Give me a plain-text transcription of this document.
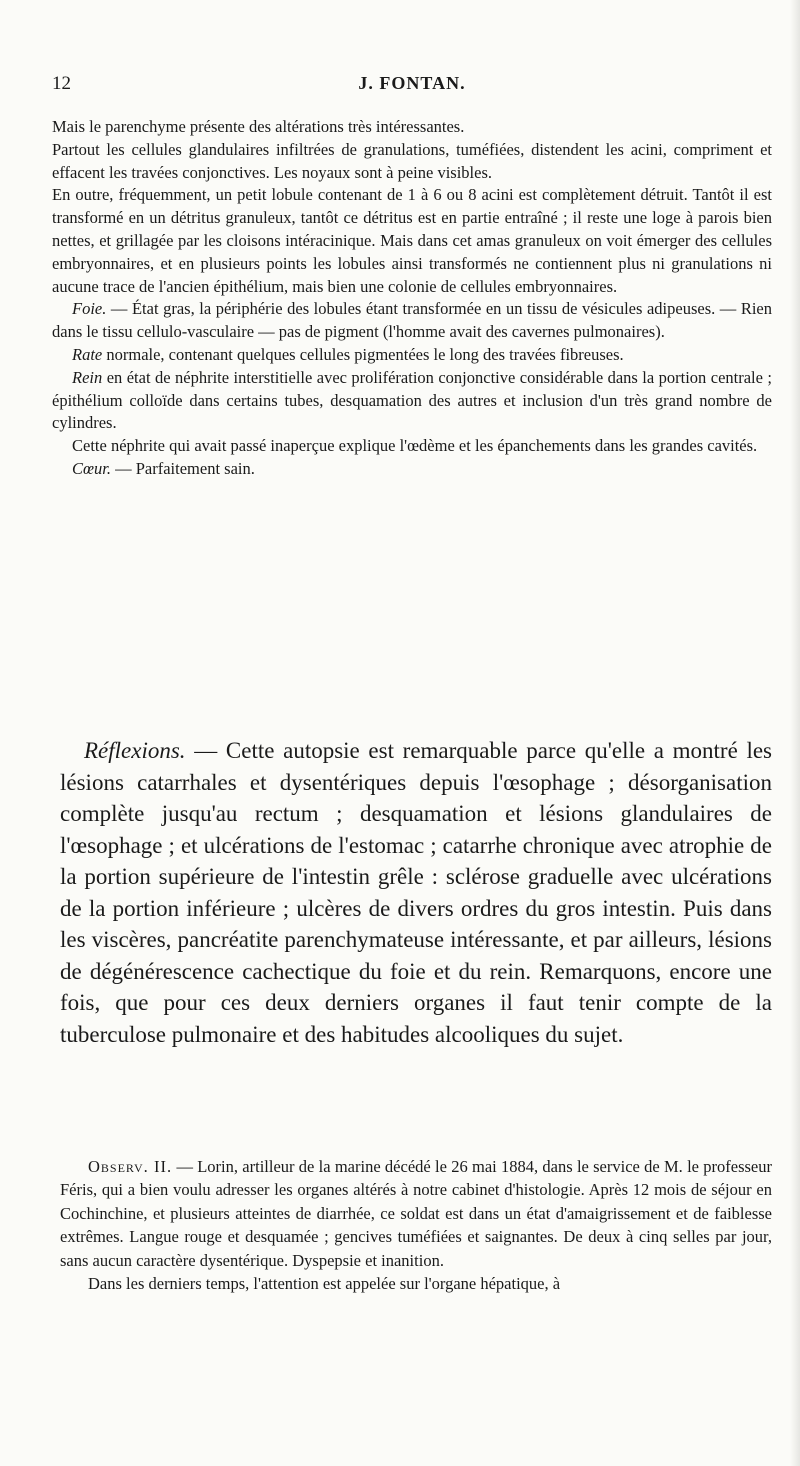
12	J. FONTAN.

Mais le parenchyme présente des altérations très intéressantes.

Partout les cellules glandulaires infiltrées de granulations, tuméfiées, distendent les acini, compriment et effacent les travées conjonctives. Les noyaux sont à peine visibles.

En outre, fréquemment, un petit lobule contenant de 1 à 6 ou 8 acini est complètement détruit. Tantôt il est transformé en un détritus granuleux, tantôt ce détritus est en partie entraîné ; il reste une loge à parois bien nettes, et grillagée par les cloisons intéracinique. Mais dans cet amas granuleux on voit émerger des cellules embryonnaires, et en plusieurs points les lobules ainsi transformés ne contiennent plus ni granulations ni aucune trace de l'ancien épithélium, mais bien une colonie de cellules embryonnaires.

Foie. — État gras, la périphérie des lobules étant transformée en un tissu de vésicules adipeuses. — Rien dans le tissu cellulo-vasculaire — pas de pigment (l'homme avait des cavernes pulmonaires).

Rate normale, contenant quelques cellules pigmentées le long des travées fibreuses.

Rein en état de néphrite interstitielle avec prolifération conjonctive considérable dans la portion centrale ; épithélium colloïde dans certains tubes, desquamation des autres et inclusion d'un très grand nombre de cylindres.

Cette néphrite qui avait passé inaperçue explique l'œdème et les épanchements dans les grandes cavités.

Cœur. — Parfaitement sain.

Réflexions. — Cette autopsie est remarquable parce qu'elle a montré les lésions catarrhales et dysentériques depuis l'œsophage ; désorganisation complète jusqu'au rectum ; desquamation et lésions glandulaires de l'œsophage ; et ulcérations de l'estomac ; catarrhe chronique avec atrophie de la portion supérieure de l'intestin grêle : sclérose graduelle avec ulcérations de la portion inférieure ; ulcères de divers ordres du gros intestin. Puis dans les viscères, pancréatite parenchymateuse intéressante, et par ailleurs, lésions de dégénérescence cachectique du foie et du rein. Remarquons, encore une fois, que pour ces deux derniers organes il faut tenir compte de la tuberculose pulmonaire et des habitudes alcooliques du sujet.

Observ. II. — Lorin, artilleur de la marine décédé le 26 mai 1884, dans le service de M. le professeur Féris, qui a bien voulu adresser les organes altérés à notre cabinet d'histologie. Après 12 mois de séjour en Cochinchine, et plusieurs atteintes de diarrhée, ce soldat est dans un état d'amaigrissement et de faiblesse extrêmes. Langue rouge et desquamée ; gencives tuméfiées et saignantes. De deux à cinq selles par jour, sans aucun caractère dysentérique. Dyspepsie et inanition.

Dans les derniers temps, l'attention est appelée sur l'organe hépatique, à
